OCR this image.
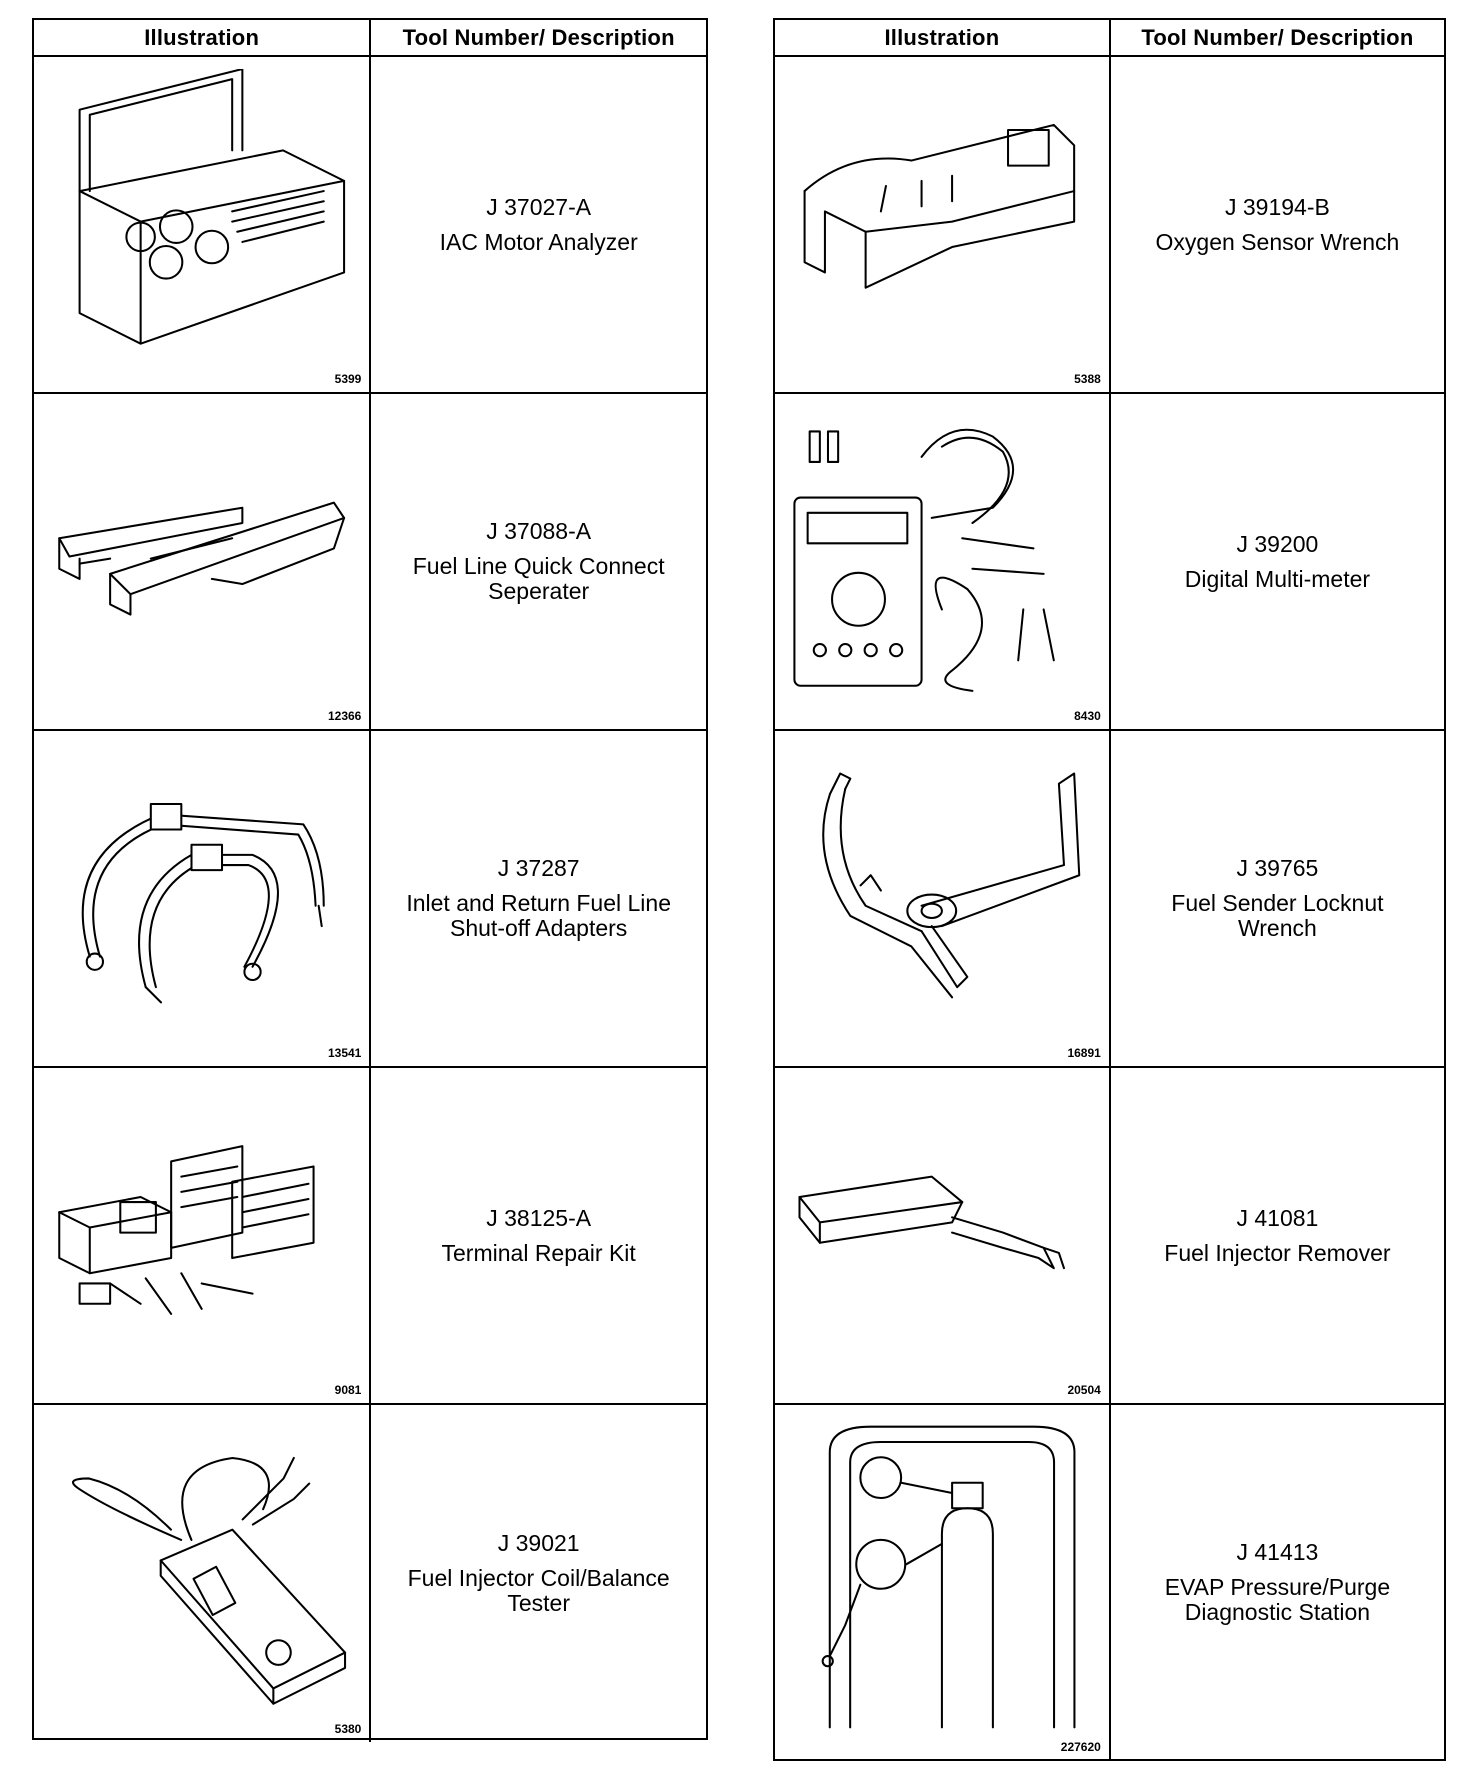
Illustration	Tool Number/ Description
5399
J 37027-A
IAC Motor Analyzer
12366
J 37088-A
Fuel Line Quick Connect
Seperater
13541
J 37287
Inlet and Return Fuel Line
Shut-off Adapters
9081
J 38125-A
Terminal Repair Kit
5380
J 39021
Fuel Injector Coil/Balance
Tester
Illustration	Tool Number/ Description
5388
J 39194-B
Oxygen Sensor Wrench
8430
J 39200
Digital Multi-meter
16891
J 39765
Fuel Sender Locknut
Wrench
20504
J 41081
Fuel Injector Remover
227620
J 41413
EVAP Pressure/Purge
Diagnostic Station
